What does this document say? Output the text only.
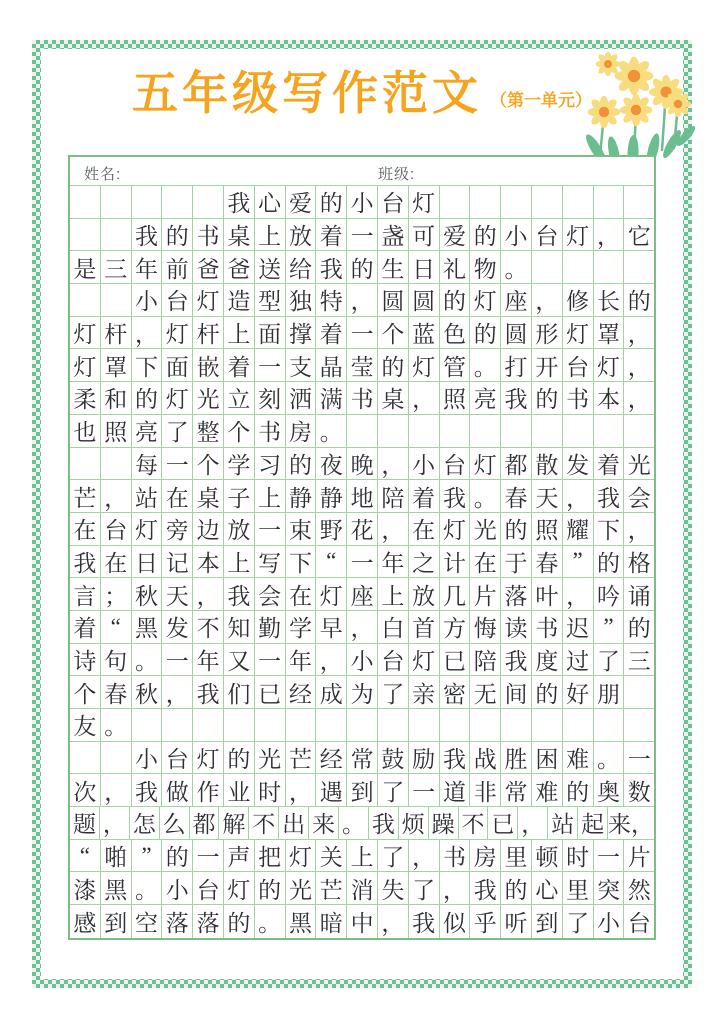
五年级写作范文 （第一单元）
姓名:	班级:
我 心 爱 的 小 台 灯
我 的 书 桌 上 放 着 一 盏 可 爱 的 小 台 灯 ， 它
是 三 年 前 爸 爸 送 给 我 的 生 日 礼 物 。
小 台 灯 造 型 独 特 ， 圆 圆 的 灯 座 ， 修 长 的
灯 杆 ， 灯 杆 上 面 撑 着 一 个 蓝 色 的 圆 形 灯 罩 ，
灯 罩 下 面 嵌 着 一 支 晶 莹 的 灯 管 。 打 开 台 灯 ，
柔 和 的 灯 光 立 刻 洒 满 书 桌 ， 照 亮 我 的 书 本 ，
也 照 亮 了 整 个 书 房 。
每 一 个 学 习 的 夜 晚 ， 小 台 灯 都 散 发 着 光
芒 ， 站 在 桌 子 上 静 静 地 陪 着 我 。 春 天 ， 我 会
在 台 灯 旁 边 放 一 束 野 花 ， 在 灯 光 的 照 耀 下 ，
我 在 日 记 本 上 写 下 “ 一 年 之 计 在 于 春 ” 的 格
言 ； 秋 天 ， 我 会 在 灯 座 上 放 几 片 落 叶 ， 吟 诵
着 “ 黑 发 不 知 勤 学 早 ， 白 首 方 悔 读 书 迟 ” 的
诗 句 。 一 年 又 一 年 ， 小 台 灯 已 陪 我 度 过 了 三
个 春 秋 ， 我 们 已 经 成 为 了 亲 密 无 间 的 好 朋
友 。
小 台 灯 的 光 芒 经 常 鼓 励 我 战 胜 困 难 。 一
次 ， 我 做 作 业 时 ， 遇 到 了 一 道 非 常 难 的 奥 数
题 ， 怎 么 都 解 不 出 来 。 我 烦 躁 不 已 ， 站 起 来，
“ 啪 ” 的 一 声 把 灯 关 上 了 ， 书 房 里 顿 时 一 片
漆 黑 。 小 台 灯 的 光 芒 消 失 了 ， 我 的 心 里 突 然
感 到 空 落 落 的 。 黑 暗 中 ， 我 似 乎 听 到 了 小 台
